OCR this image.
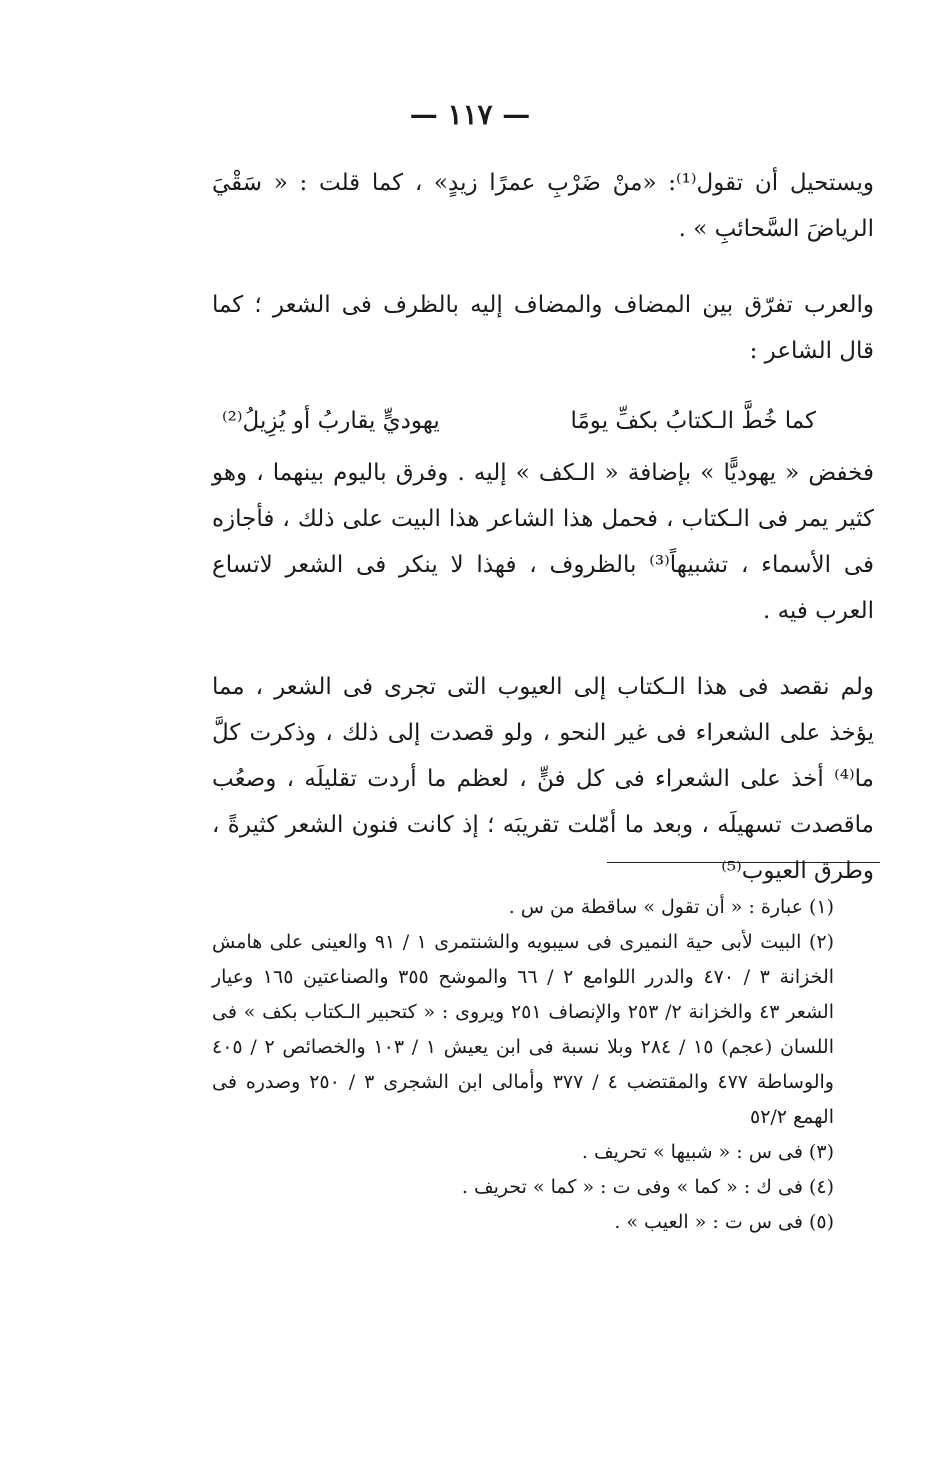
— ١١٧ —

ويستحيل أن تقول⁽¹⁾: «منْ ضَرْبِ عمرًا زيدٍ» ، كما قلت : « سَقْيَ الرياضَ السَّحائبِ » .

والعرب تفرّق بين المضاف والمضاف إليه بالظرف فى الشعر ؛ كما قال الشاعر :

كما خُطَّ الـكتابُ بكفِّ يومًا
يهوديٍّ يقاربُ أو يُزِيلُ⁽²⁾

فخفض « يهوديًّا » بإضافة « الـكف » إليه . وفرق باليوم بينهما ، وهو كثير يمر فى الـكتاب ، فحمل هذا الشاعر هذا البيت على ذلك ، فأجازه فى الأسماء ، تشبيهاً⁽³⁾ بالظروف ، فهذا لا ينكر فى الشعر لاتساع العرب فيه .

ولم نقصد فى هذا الـكتاب إلى العيوب التى تجرى فى الشعر ، مما يؤخذ على الشعراء فى غير النحو ، ولو قصدت إلى ذلك ، وذكرت كلَّ ما⁽⁴⁾ أخذ على الشعراء فى كل فنٍّ ، لعظم ما أردت تقليلَه ، وصعُب ماقصدت تسهيلَه ، وبعد ما أمّلت تقريبَه ؛ إذ كانت فنون الشعر كثيرةً ، وطرق العيوب⁽⁵⁾

(١) عبارة : « أن تقول » ساقطة من س .

(٢) البيت لأبى حية النميرى فى سيبويه والشنتمرى ١ / ٩١ والعينى على هامش الخزانة ٣ / ٤٧٠ والدرر اللوامع ٢ / ٦٦ والموشح ٣٥٥ والصناعتين ١٦٥ وعيار الشعر ٤٣ والخزانة ٢/ ٢٥٣ والإنصاف ٢٥١ ويروى : « كتحبير الـكتاب بكف » فى اللسان (عجم) ١٥ / ٢٨٤ وبلا نسبة فى ابن يعيش ١ / ١٠٣ والخصائص ٢ / ٤٠٥ والوساطة ٤٧٧ والمقتضب ٤ / ٣٧٧ وأمالى ابن الشجرى ٣ / ٢٥٠ وصدره فى الهمع ٥٢/٢

(٣) فى س : « شبيها » تحريف .

(٤) فى ك : « كما » وفى ت : « كما » تحريف .

(٥) فى س ت : « العيب » .
